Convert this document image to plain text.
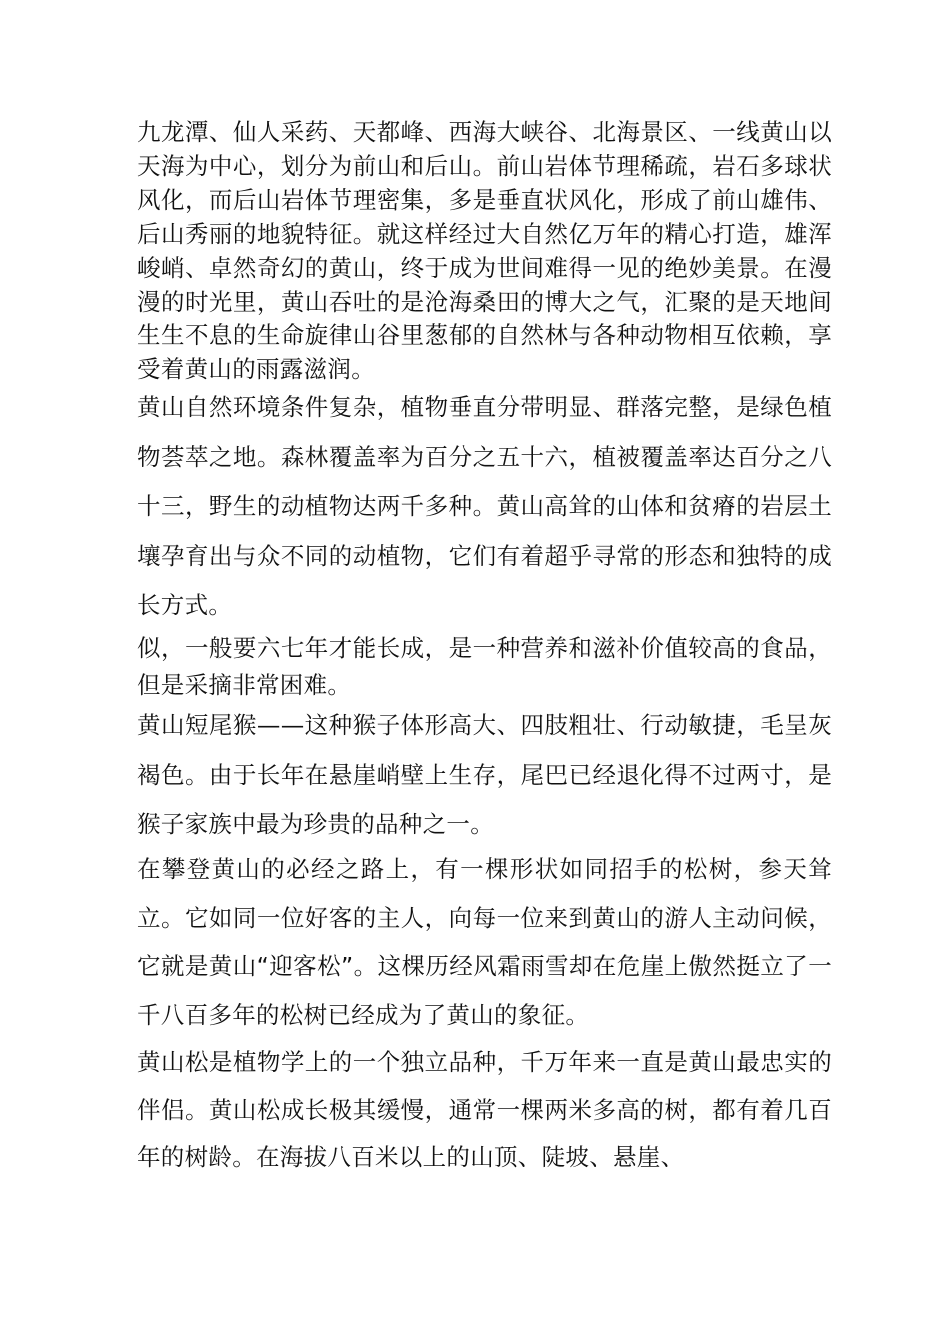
九龙潭、仙人采药、天都峰、西海大峡谷、北海景区、一线黄山以天海为中心，划分为前山和后山。前山岩体节理稀疏，岩石多球状风化，而后山岩体节理密集，多是垂直状风化，形成了前山雄伟、后山秀丽的地貌特征。就这样经过大自然亿万年的精心打造，雄浑峻峭、卓然奇幻的黄山，终于成为世间难得一见的绝妙美景。在漫漫的时光里，黄山吞吐的是沧海桑田的博大之气，汇聚的是天地间生生不息的生命旋律山谷里葱郁的自然林与各种动物相互依赖，享受着黄山的雨露滋润。

黄山自然环境条件复杂，植物垂直分带明显、群落完整，是绿色植物荟萃之地。森林覆盖率为百分之五十六，植被覆盖率达百分之八十三，野生的动植物达两千多种。黄山高耸的山体和贫瘠的岩层土壤孕育出与众不同的动植物，它们有着超乎寻常的形态和独特的成长方式。

似，一般要六七年才能长成，是一种营养和滋补价值较高的食品，但是采摘非常困难。

黄山短尾猴——这种猴子体形高大、四肢粗壮、行动敏捷，毛呈灰褐色。由于长年在悬崖峭壁上生存，尾巴已经退化得不过两寸，是猴子家族中最为珍贵的品种之一。

在攀登黄山的必经之路上，有一棵形状如同招手的松树，参天耸立。它如同一位好客的主人，向每一位来到黄山的游人主动问候，它就是黄山“迎客松”。这棵历经风霜雨雪却在危崖上傲然挺立了一千八百多年的松树已经成为了黄山的象征。

黄山松是植物学上的一个独立品种，千万年来一直是黄山最忠实的伴侣。黄山松成长极其缓慢，通常一棵两米多高的树，都有着几百年的树龄。在海拔八百米以上的山顶、陡坡、悬崖、
